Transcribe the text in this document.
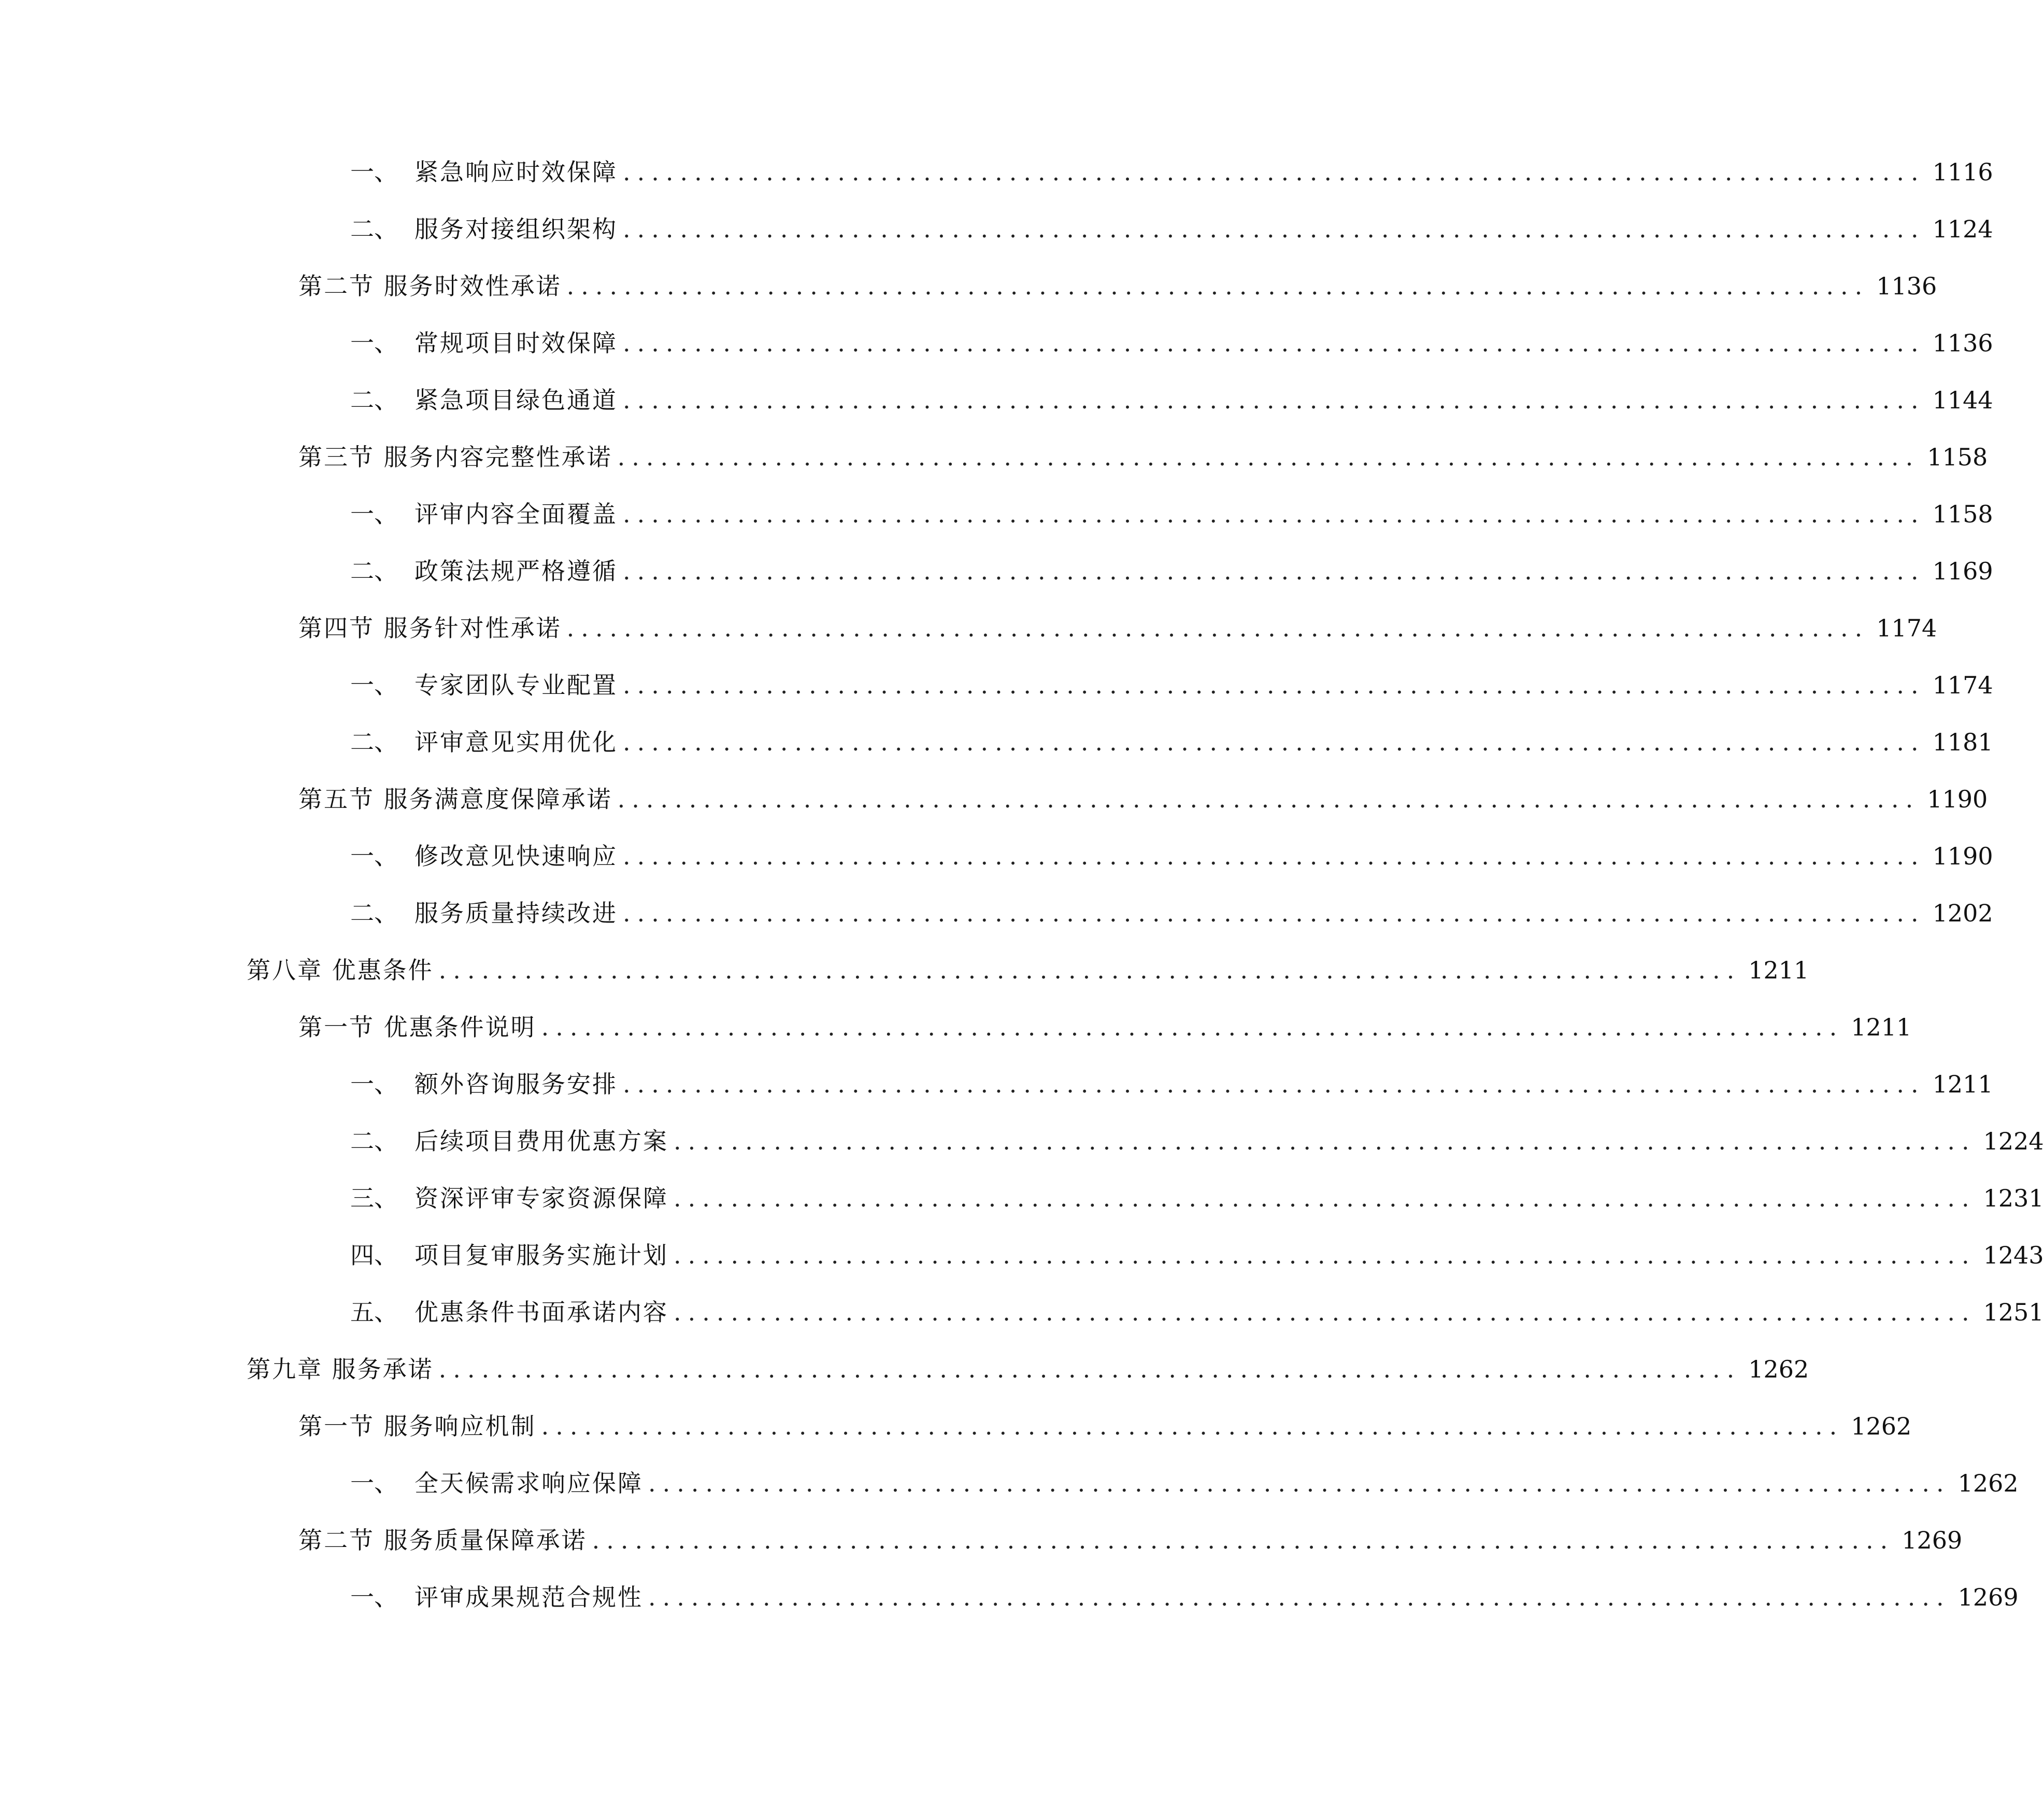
一、 紧急响应时效保障 ........................................................................................... 1116
二、 服务对接组织架构 ........................................................................................... 1124
第二节 服务时效性承诺 ........................................................................................... 1136
一、 常规项目时效保障 ........................................................................................... 1136
二、 紧急项目绿色通道 ........................................................................................... 1144
第三节 服务内容完整性承诺 ........................................................................................... 1158
一、 评审内容全面覆盖 ........................................................................................... 1158
二、 政策法规严格遵循 ........................................................................................... 1169
第四节 服务针对性承诺 ........................................................................................... 1174
一、 专家团队专业配置 ........................................................................................... 1174
二、 评审意见实用优化 ........................................................................................... 1181
第五节 服务满意度保障承诺 ........................................................................................... 1190
一、 修改意见快速响应 ........................................................................................... 1190
二、 服务质量持续改进 ........................................................................................... 1202
第八章 优惠条件 ........................................................................................... 1211
第一节 优惠条件说明 ........................................................................................... 1211
一、 额外咨询服务安排 ........................................................................................... 1211
二、 后续项目费用优惠方案 ........................................................................................... 1224
三、 资深评审专家资源保障 ........................................................................................... 1231
四、 项目复审服务实施计划 ........................................................................................... 1243
五、 优惠条件书面承诺内容 ........................................................................................... 1251
第九章 服务承诺 ........................................................................................... 1262
第一节 服务响应机制 ........................................................................................... 1262
一、 全天候需求响应保障 ........................................................................................... 1262
第二节 服务质量保障承诺 ........................................................................................... 1269
一、 评审成果规范合规性 ........................................................................................... 1269
